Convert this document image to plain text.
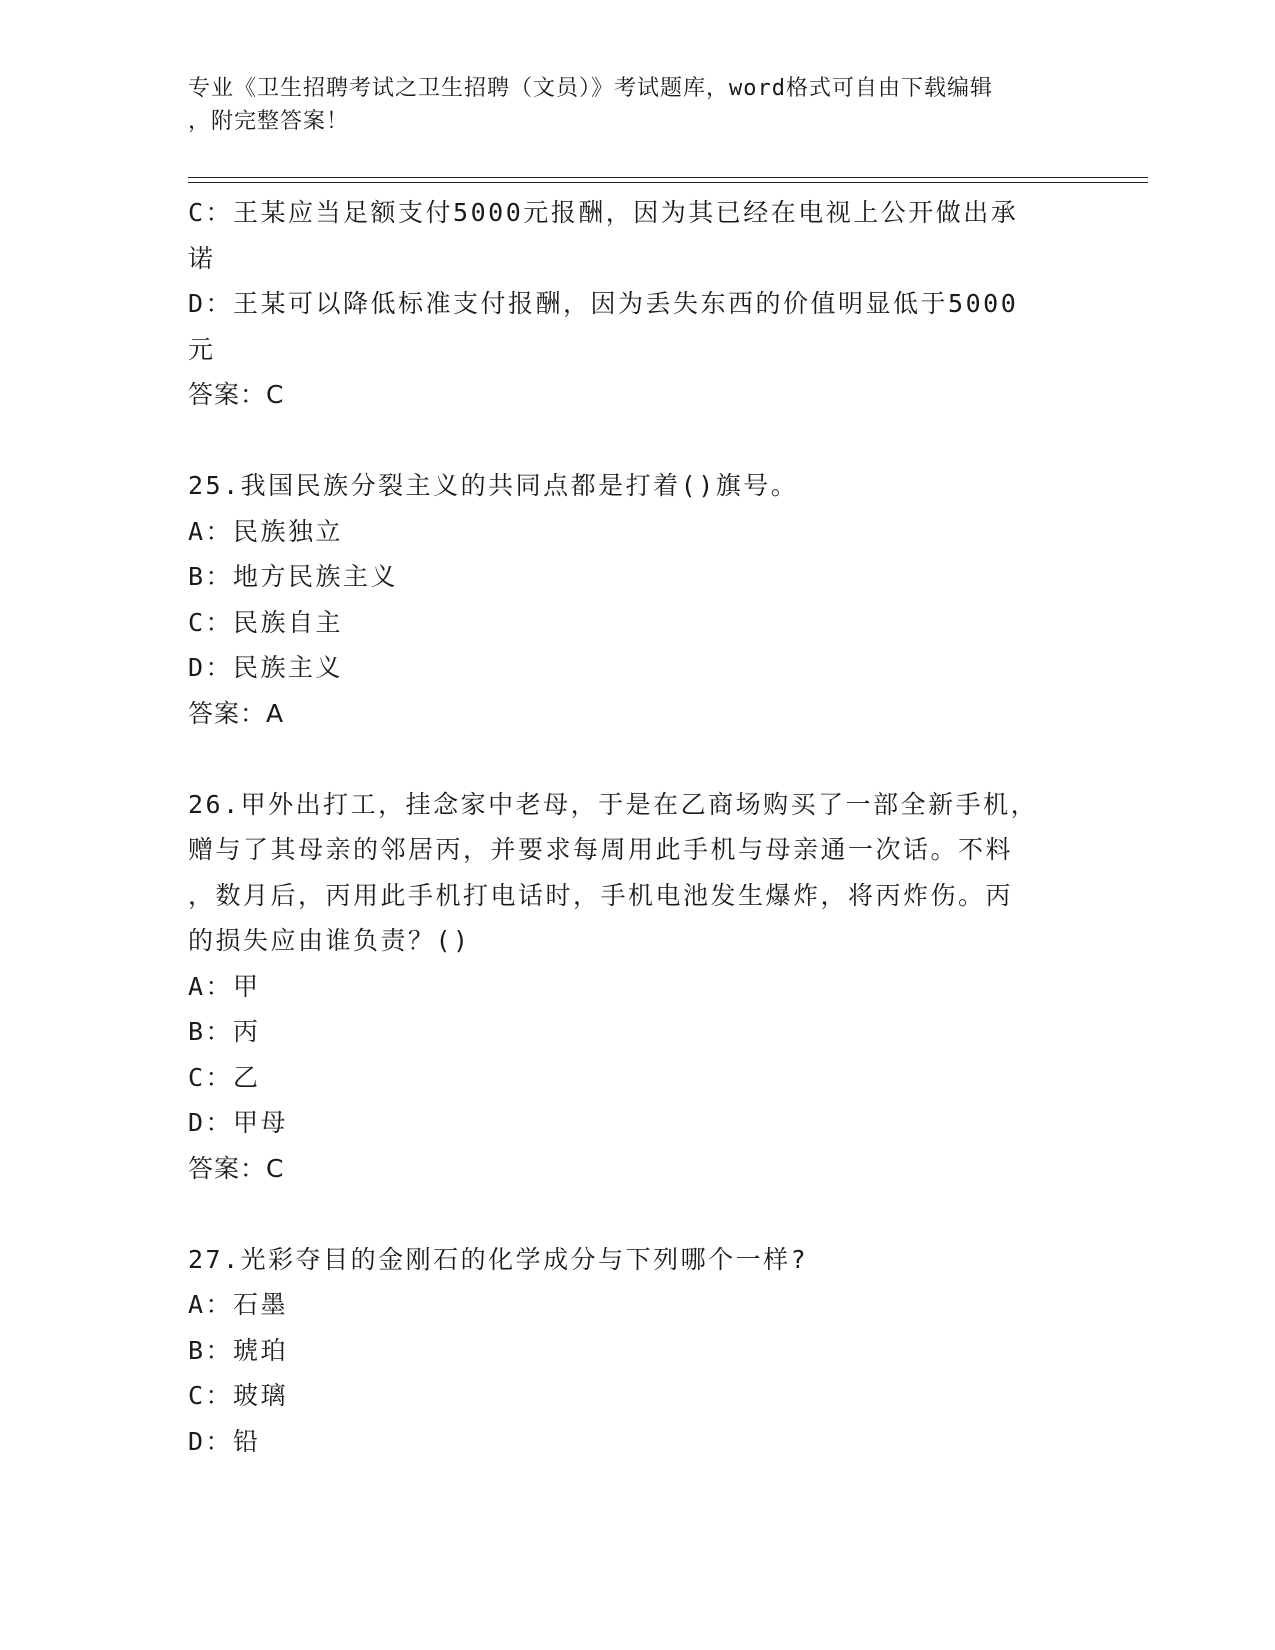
专业《卫生招聘考试之卫生招聘（文员）》考试题库，word格式可自由下载编辑
，附完整答案！
C：王某应当足额支付5000元报酬，因为其已经在电视上公开做出承
诺
D：王某可以降低标准支付报酬，因为丢失东西的价值明显低于5000
元
答案：C
25.我国民族分裂主义的共同点都是打着()旗号。
A：民族独立
B：地方民族主义
C：民族自主
D：民族主义
答案：A
26.甲外出打工，挂念家中老母，于是在乙商场购买了一部全新手机，
赠与了其母亲的邻居丙，并要求每周用此手机与母亲通一次话。不料
，数月后，丙用此手机打电话时，手机电池发生爆炸，将丙炸伤。丙
的损失应由谁负责？()
A：甲
B：丙
C：乙
D：甲母
答案：C
27.光彩夺目的金刚石的化学成分与下列哪个一样?
A：石墨
B：琥珀
C：玻璃
D：铅
